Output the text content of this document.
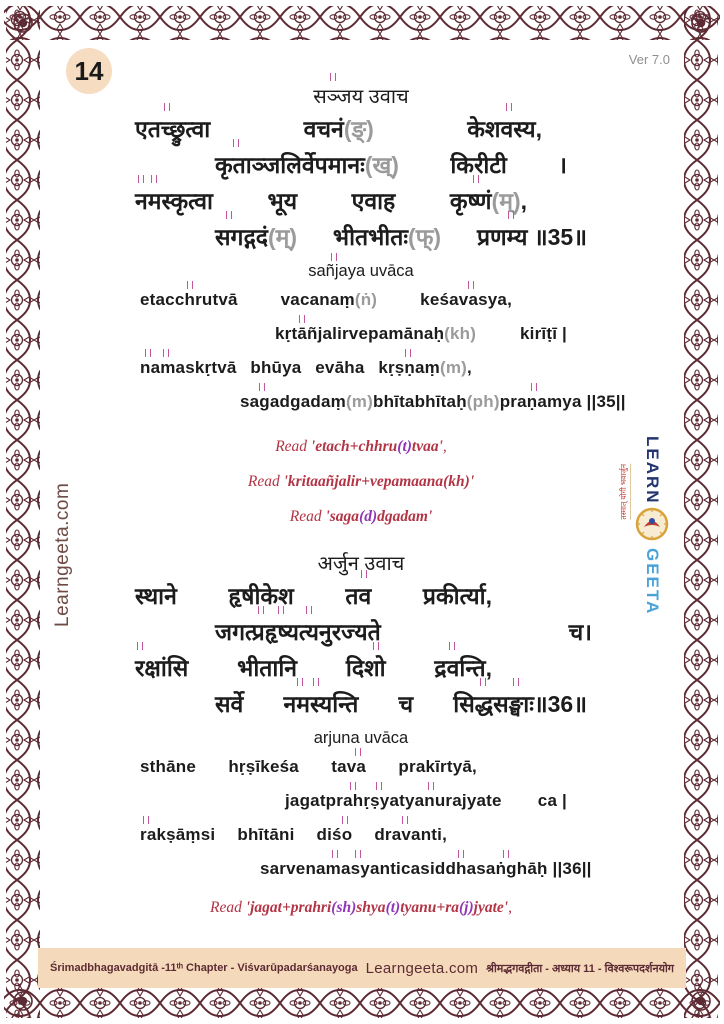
14	Ver 7.0
सञ्जय उवाच
एतच्छ्रुत्वा	वचनं(ङ्)	केशवस्य,
कृताञ्जलिर्वेपमानः(ख्) किरीटी ।
नमस्कृत्वा भूय एवाह कृष्णं(म्),
सगद्गदं(म्) भीतभीतः(फ्) प्रणम्य ॥35॥
sañjaya uvāca
etacchrutvā	vacanaṃ(ṅ)	keśavasya,
kṛtāñjalirvepamānaḥ(kh)	kirīṭī |
namaskṛtvā bhūya evāha kṛṣṇaṃ(m),
sagadgadaṃ(m) bhītabhītaḥ(ph) praṇamya ||35||
Read 'etach+chhru(t)tvaa',
Read 'kritaañjalir+vepamaana(kh)'
Read 'saga(d)dgadam'
अर्जुन उवाच
स्थाने हृषीकेश तव प्रकीर्त्या,
जगत्प्रहृष्यत्यनुरज्यते	च।
रक्षांसि भीतानि दिशो द्रवन्ति,
सर्वे नमस्यन्ति च सिद्धसङ्घाः॥36॥
arjuna uvāca
sthāne hṛṣīkeśa tava prakīrtyā,
jagatprahṛṣyatyanurajyate ca |
rakṣāṃsi bhītāni diśo dravanti,
sarve namasyanti ca siddhasaṅghāḥ ||36||
Read 'jagat+prahri(sh)shya(t)tyanu+ra(j)jyate',
Learngeeta.com	तस्मात् योगी भवार्जुन LEARN
GEETA
Śrimadbhagavadgitā -11ᵗʰ Chapter - Viśvarūpadarśanayoga Learngeeta.com श्रीमद्भगवद्गीता - अध्याय 11 - विश्वरूपदर्शनयोग
